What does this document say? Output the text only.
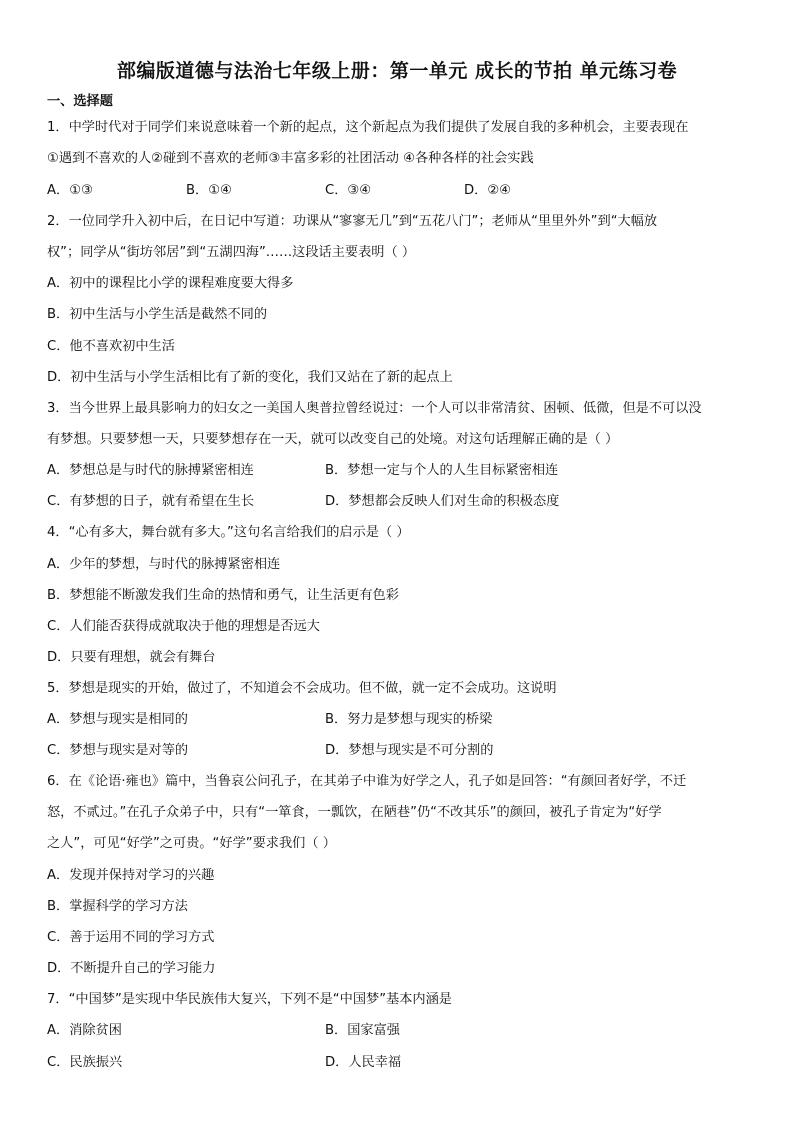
部编版道德与法治七年级上册：第一单元 成长的节拍 单元练习卷
一、选择题
1．中学时代对于同学们来说意味着一个新的起点，这个新起点为我们提供了发展自我的多种机会，主要表现在
①遇到不喜欢的人②碰到不喜欢的老师③丰富多彩的社团活动 ④各种各样的社会实践
A．①③	B．①④	C．③④	D．②④
2．一位同学升入初中后，在日记中写道：功课从“寥寥无几”到“五花八门”；老师从“里里外外”到“大幅放
权”；同学从“街坊邻居”到“五湖四海”……这段话主要表明（ ）
A．初中的课程比小学的课程难度要大得多
B．初中生活与小学生活是截然不同的
C．他不喜欢初中生活
D．初中生活与小学生活相比有了新的变化，我们又站在了新的起点上
3．当今世界上最具影响力的妇女之一美国人奥普拉曾经说过：一个人可以非常清贫、困顿、低微，但是不可以没
有梦想。只要梦想一天，只要梦想存在一天，就可以改变自己的处境。对这句话理解正确的是（ ）
A．梦想总是与时代的脉搏紧密相连	B．梦想一定与个人的人生目标紧密相连
C．有梦想的日子，就有希望在生长	D．梦想都会反映人们对生命的积极态度
4．“心有多大，舞台就有多大。”这句名言给我们的启示是（ ）
A．少年的梦想，与时代的脉搏紧密相连
B．梦想能不断激发我们生命的热情和勇气，让生活更有色彩
C．人们能否获得成就取决于他的理想是否远大
D．只要有理想，就会有舞台
5．梦想是现实的开始，做过了，不知道会不会成功。但不做，就一定不会成功。这说明
A．梦想与现实是相同的	B．努力是梦想与现实的桥梁
C．梦想与现实是对等的	D．梦想与现实是不可分割的
6．在《论语·雍也》篇中，当鲁哀公问孔子，在其弟子中谁为好学之人，孔子如是回答：“有颜回者好学，不迁
怒，不贰过。”在孔子众弟子中，只有“一箪食，一瓢饮，在陋巷”仍“不改其乐”的颜回，被孔子肯定为“好学
之人”，可见“好学”之可贵。“好学”要求我们（ ）
A．发现并保持对学习的兴趣
B．掌握科学的学习方法
C．善于运用不同的学习方式
D．不断提升自己的学习能力
7．“中国梦”是实现中华民族伟大复兴，下列不是“中国梦”基本内涵是
A．消除贫困	B．国家富强
C．民族振兴	D．人民幸福
